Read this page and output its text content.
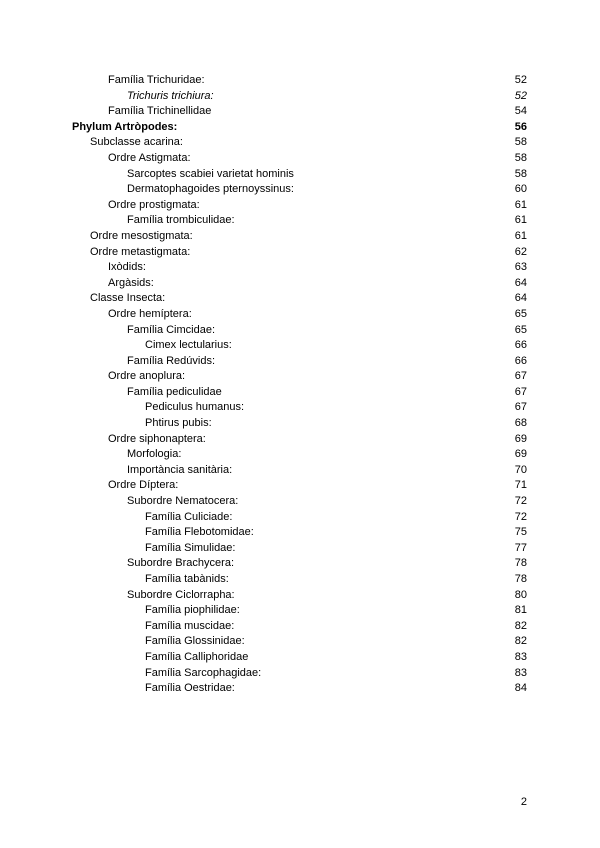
Família Trichuridae:	52
Trichuris trichiura:	52
Família Trichinellidae	54
Phylum Artròpodes:	56
Subclasse acarina:	58
Ordre Astigmata:	58
Sarcoptes scabiei varietat hominis	58
Dermatophagoides pternoyssinus:	60
Ordre prostigmata:	61
Família trombiculidae:	61
Ordre mesostigmata:	61
Ordre metastigmata:	62
Ixòdids:	63
Argàsids:	64
Classe Insecta:	64
Ordre hemíptera:	65
Família Cimcidae:	65
Cimex lectularius:	66
Família Redúvids:	66
Ordre anoplura:	67
Família pediculidae	67
Pediculus humanus:	67
Phtirus pubis:	68
Ordre siphonaptera:	69
Morfologia:	69
Importància sanitària:	70
Ordre Díptera:	71
Subordre Nematocera:	72
Família Culiciade:	72
Família Flebotomidae:	75
Família Simulidae:	77
Subordre Brachycera:	78
Família tabànids:	78
Subordre Ciclorrapha:	80
Família piophilidae:	81
Família muscidae:	82
Família Glossinidae:	82
Família Calliphoridae	83
Família Sarcophagidae:	83
Família Oestridae:	84
2
